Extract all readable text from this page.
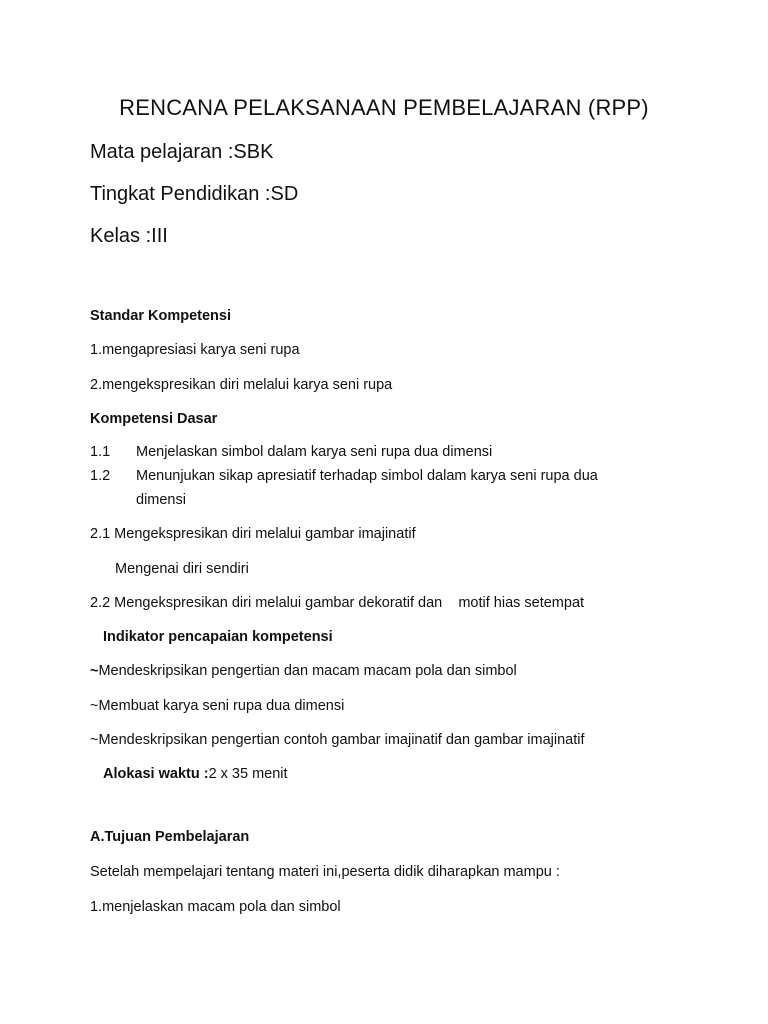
RENCANA PELAKSANAAN PEMBELAJARAN (RPP)
Mata pelajaran :SBK
Tingkat Pendidikan :SD
Kelas :III
Standar Kompetensi
1.mengapresiasi karya seni rupa
2.mengekspresikan diri melalui karya seni rupa
Kompetensi Dasar
1.1 Menjelaskan simbol dalam karya seni rupa dua dimensi
1.2 Menunjukan sikap apresiatif terhadap simbol dalam karya seni rupa dua
dimensi
2.1 Mengekspresikan diri melalui gambar imajinatif
Mengenai diri sendiri
2.2 Mengekspresikan diri melalui gambar dekoratif dan    motif hias setempat
Indikator pencapaian kompetensi
~Mendeskripsikan pengertian dan macam macam pola dan simbol
~Membuat karya seni rupa dua dimensi
~Mendeskripsikan pengertian contoh gambar imajinatif dan gambar imajinatif
Alokasi waktu :2 x 35 menit
A.Tujuan Pembelajaran
Setelah mempelajari tentang materi ini,peserta didik diharapkan mampu :
1.menjelaskan macam pola dan simbol
